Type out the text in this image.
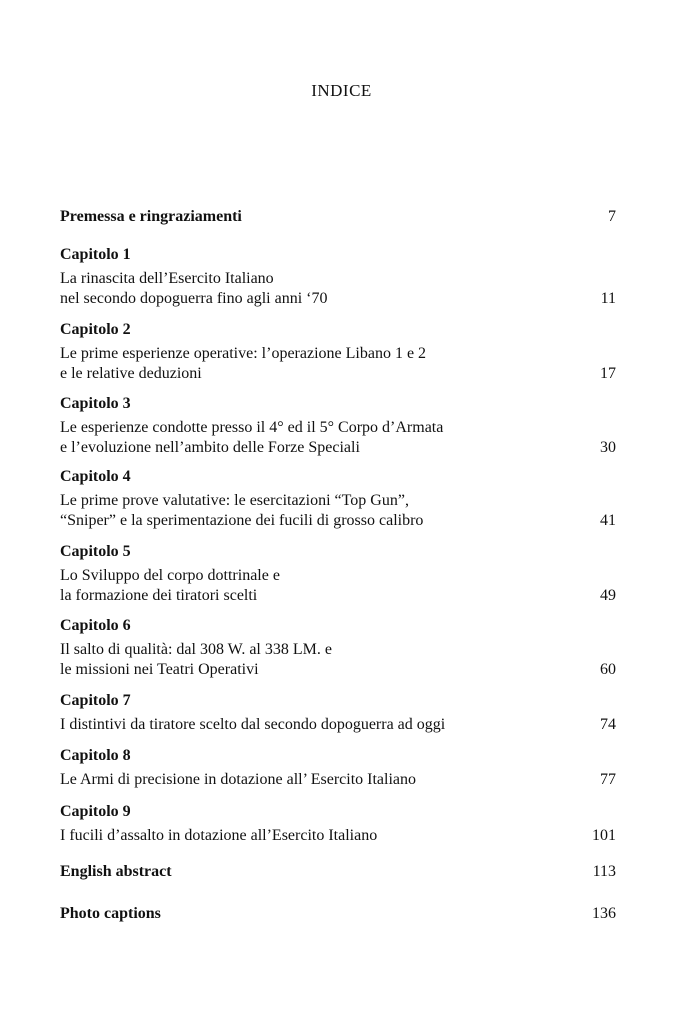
INDICE
Premessa e ringraziamenti	7
Capitolo 1
La rinascita dell’Esercito Italiano
nel secondo dopoguerra fino agli anni ‘70	11
Capitolo 2
Le prime esperienze operative: l’operazione Libano 1 e 2
e le relative deduzioni	17
Capitolo 3
Le esperienze condotte presso il 4° ed il 5° Corpo d’Armata
e l’evoluzione nell’ambito delle Forze Speciali	30
Capitolo 4
Le prime prove valutative: le esercitazioni “Top Gun”,
“Sniper” e la sperimentazione dei fucili di grosso calibro	41
Capitolo 5
Lo Sviluppo del corpo dottrinale e
la formazione dei tiratori scelti	49
Capitolo 6
Il salto di qualità: dal 308 W. al 338 LM. e
le missioni nei Teatri Operativi	60
Capitolo 7
I distintivi da tiratore scelto dal secondo dopoguerra ad oggi	74
Capitolo 8
Le Armi di precisione in dotazione all’ Esercito Italiano	77
Capitolo 9
I fucili d’assalto in dotazione all’Esercito Italiano	101
English abstract	113
Photo captions	136
